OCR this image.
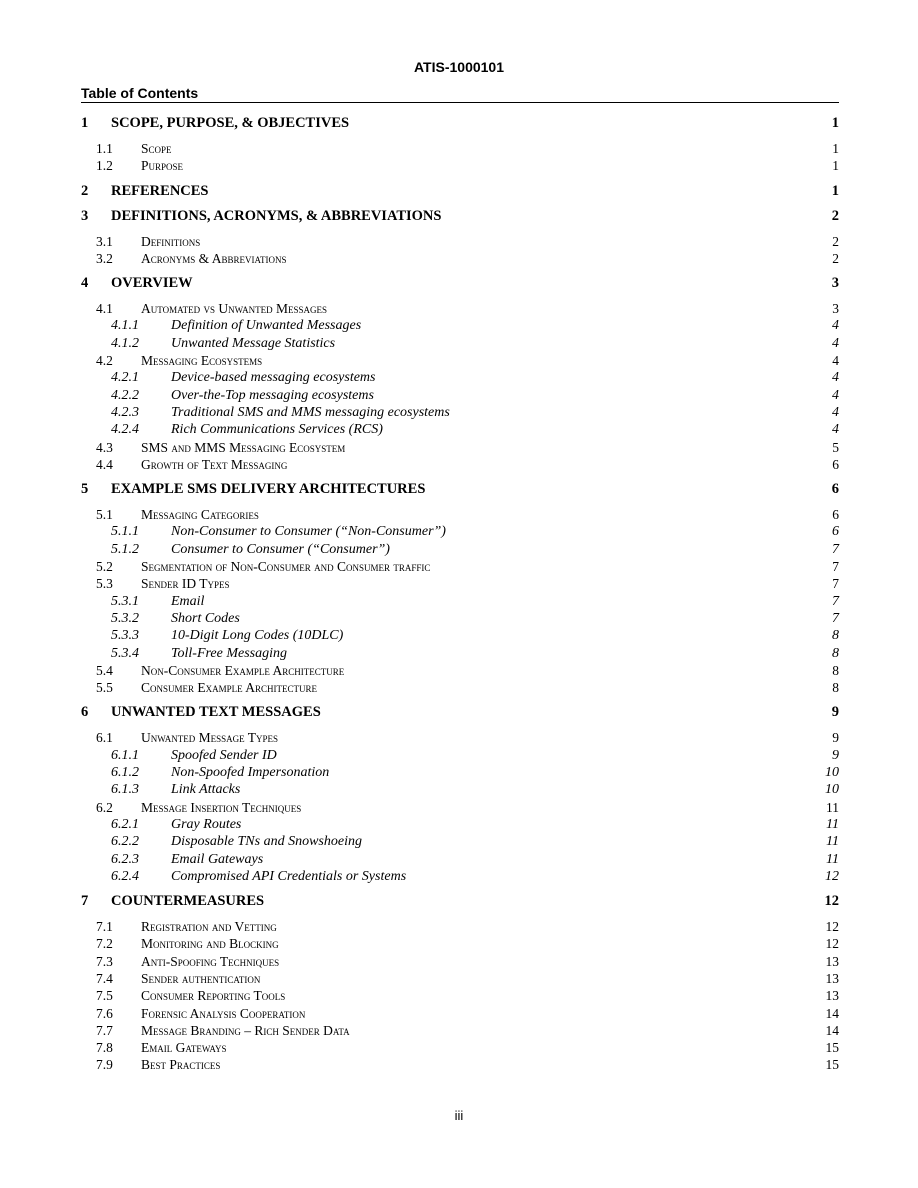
ATIS-1000101
Table of Contents
1	SCOPE, PURPOSE, & OBJECTIVES	1
1.1	Scope	1
1.2	Purpose	1
2	REFERENCES	1
3	DEFINITIONS, ACRONYMS, & ABBREVIATIONS	2
3.1	Definitions	2
3.2	Acronyms & Abbreviations	2
4	OVERVIEW	3
4.1	Automated vs Unwanted Messages	3
4.1.1	Definition of Unwanted Messages	4
4.1.2	Unwanted Message Statistics	4
4.2	Messaging Ecosystems	4
4.2.1	Device-based messaging ecosystems	4
4.2.2	Over-the-Top messaging ecosystems	4
4.2.3	Traditional SMS and MMS messaging ecosystems	4
4.2.4	Rich Communications Services (RCS)	4
4.3	SMS and MMS Messaging Ecosystem	5
4.4	Growth of Text Messaging	6
5	EXAMPLE SMS DELIVERY ARCHITECTURES	6
5.1	Messaging Categories	6
5.1.1	Non-Consumer to Consumer (“Non-Consumer”)	6
5.1.2	Consumer to Consumer (“Consumer”)	7
5.2	Segmentation of Non-Consumer and Consumer traffic	7
5.3	Sender ID Types	7
5.3.1	Email	7
5.3.2	Short Codes	7
5.3.3	10-Digit Long Codes (10DLC)	8
5.3.4	Toll-Free Messaging	8
5.4	Non-Consumer Example Architecture	8
5.5	Consumer Example Architecture	8
6	UNWANTED TEXT MESSAGES	9
6.1	Unwanted Message Types	9
6.1.1	Spoofed Sender ID	9
6.1.2	Non-Spoofed Impersonation	10
6.1.3	Link Attacks	10
6.2	Message Insertion Techniques	11
6.2.1	Gray Routes	11
6.2.2	Disposable TNs and Snowshoeing	11
6.2.3	Email Gateways	11
6.2.4	Compromised API Credentials or Systems	12
7	COUNTERMEASURES	12
7.1	Registration and Vetting	12
7.2	Monitoring and Blocking	12
7.3	Anti-Spoofing Techniques	13
7.4	Sender authentication	13
7.5	Consumer Reporting Tools	13
7.6	Forensic Analysis Cooperation	14
7.7	Message Branding – Rich Sender Data	14
7.8	Email Gateways	15
7.9	Best Practices	15
iii
